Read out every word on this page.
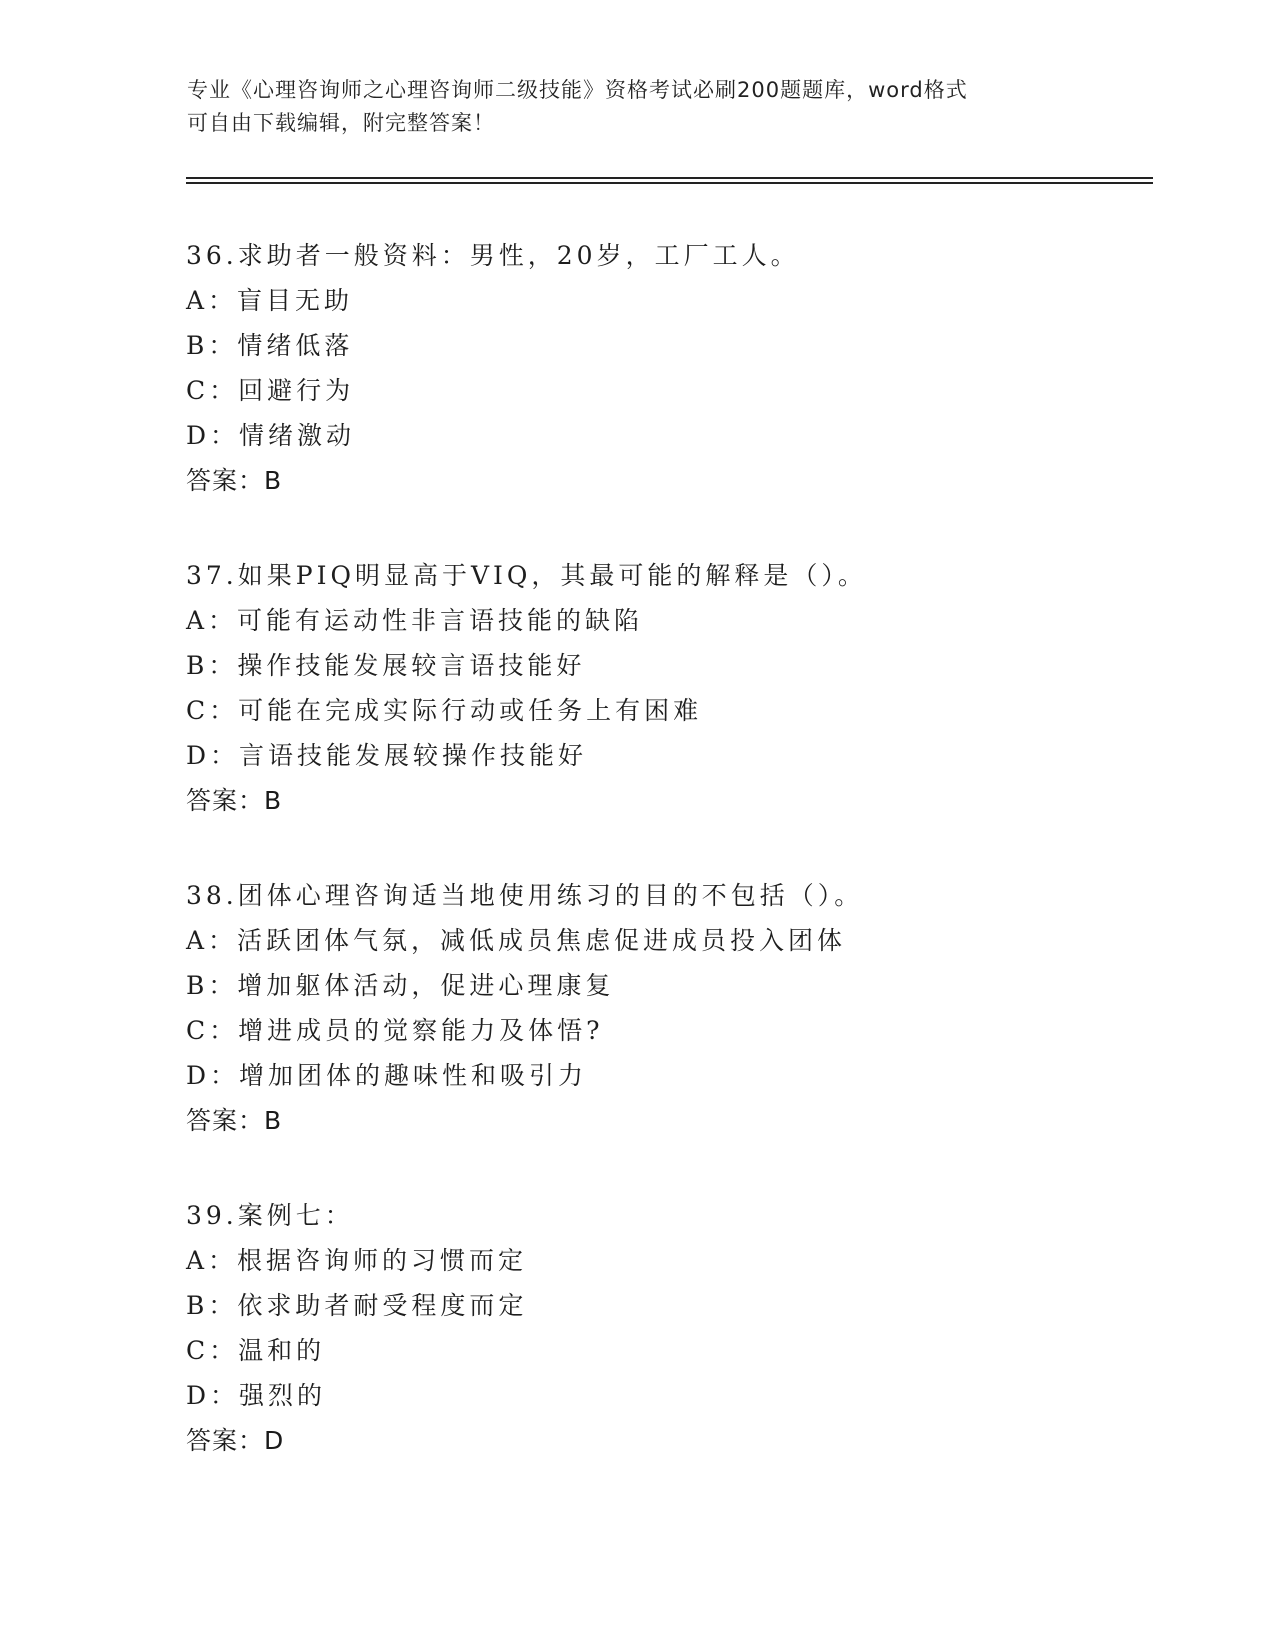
专业《心理咨询师之心理咨询师二级技能》资格考试必刷200题题库，word格式
可自由下载编辑，附完整答案！
36.求助者一般资料：男性，20岁，工厂工人。
A：盲目无助
B：情绪低落
C：回避行为
D：情绪激动
答案：B
37.如果PIQ明显高于VIQ，其最可能的解释是（）。
A：可能有运动性非言语技能的缺陷
B：操作技能发展较言语技能好
C：可能在完成实际行动或任务上有困难
D：言语技能发展较操作技能好
答案：B
38.团体心理咨询适当地使用练习的目的不包括（）。
A：活跃团体气氛，减低成员焦虑促进成员投入团体
B：增加躯体活动，促进心理康复
C：增进成员的觉察能力及体悟?
D：增加团体的趣味性和吸引力
答案：B
39.案例七：
A：根据咨询师的习惯而定
B：依求助者耐受程度而定
C：温和的
D：强烈的
答案：D
